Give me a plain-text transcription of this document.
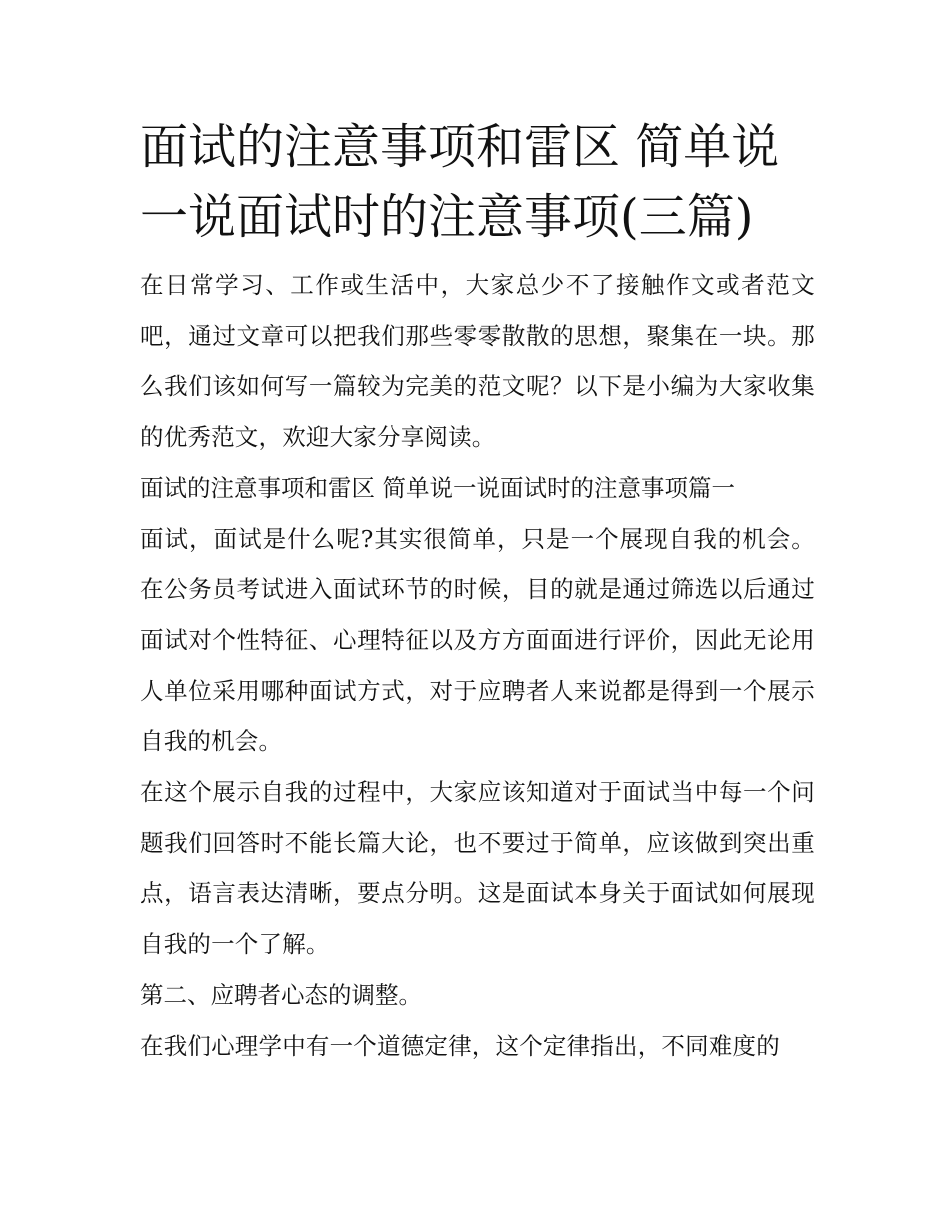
面试的注意事项和雷区 简单说一说面试时的注意事项(三篇)

在日常学习、工作或生活中，大家总少不了接触作文或者范文吧，通过文章可以把我们那些零零散散的思想，聚集在一块。那么我们该如何写一篇较为完美的范文呢？以下是小编为大家收集的优秀范文，欢迎大家分享阅读。

面试的注意事项和雷区 简单说一说面试时的注意事项篇一

面试，面试是什么呢?其实很简单，只是一个展现自我的机会。在公务员考试进入面试环节的时候，目的就是通过筛选以后通过面试对个性特征、心理特征以及方方面面进行评价，因此无论用人单位采用哪种面试方式，对于应聘者人来说都是得到一个展示自我的机会。

在这个展示自我的过程中，大家应该知道对于面试当中每一个问题我们回答时不能长篇大论，也不要过于简单，应该做到突出重点，语言表达清晰，要点分明。这是面试本身关于面试如何展现自我的一个了解。

第二、应聘者心态的调整。

在我们心理学中有一个道德定律，这个定律指出，不同难度的
